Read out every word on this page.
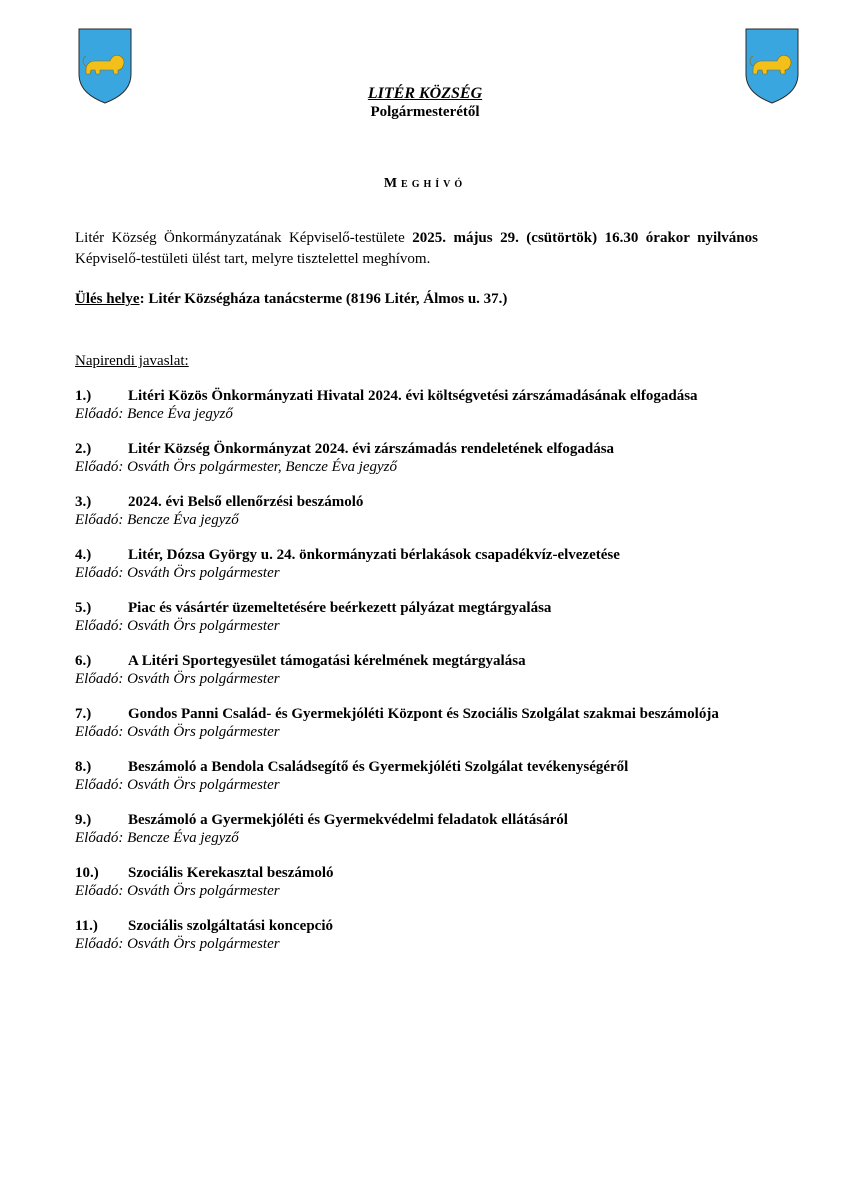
LITÉR KÖZSÉG
Polgármesterétől
Meghívó
Litér Község Önkormányzatának Képviselő-testülete 2025. május 29. (csütörtök) 16.30 órakor nyilvános Képviselő-testületi ülést tart, melyre tisztelettel meghívom.
Ülés helye: Litér Községháza tanácsterme (8196 Litér, Álmos u. 37.)
Napirendi javaslat:
1.) Litéri Közös Önkormányzati Hivatal 2024. évi költségvetési zárszámadásának elfogadása
Előadó: Bence Éva jegyző
2.) Litér Község Önkormányzat 2024. évi zárszámadás rendeletének elfogadása
Előadó: Osváth Örs polgármester, Bencze Éva jegyző
3.) 2024. évi Belső ellenőrzési beszámoló
Előadó: Bencze Éva jegyző
4.) Litér, Dózsa György u. 24. önkormányzati bérlakások csapadékvíz-elvezetése
Előadó: Osváth Örs polgármester
5.) Piac és vásártér üzemeltetésére beérkezett pályázat megtárgyalása
Előadó: Osváth Örs polgármester
6.) A Litéri Sportegyesület támogatási kérelmének megtárgyalása
Előadó: Osváth Örs polgármester
7.) Gondos Panni Család- és Gyermekjóléti Központ és Szociális Szolgálat szakmai beszámolója
Előadó: Osváth Örs polgármester
8.) Beszámoló a Bendola Családsegítő és Gyermekjóléti Szolgálat tevékenységéről
Előadó: Osváth Örs polgármester
9.) Beszámoló a Gyermekjóléti és Gyermekvédelmi feladatok ellátásáról
Előadó: Bencze Éva jegyző
10.) Szociális Kerekasztal beszámoló
Előadó: Osváth Örs polgármester
11.) Szociális szolgáltatási koncepció
Előadó: Osváth Örs polgármester
